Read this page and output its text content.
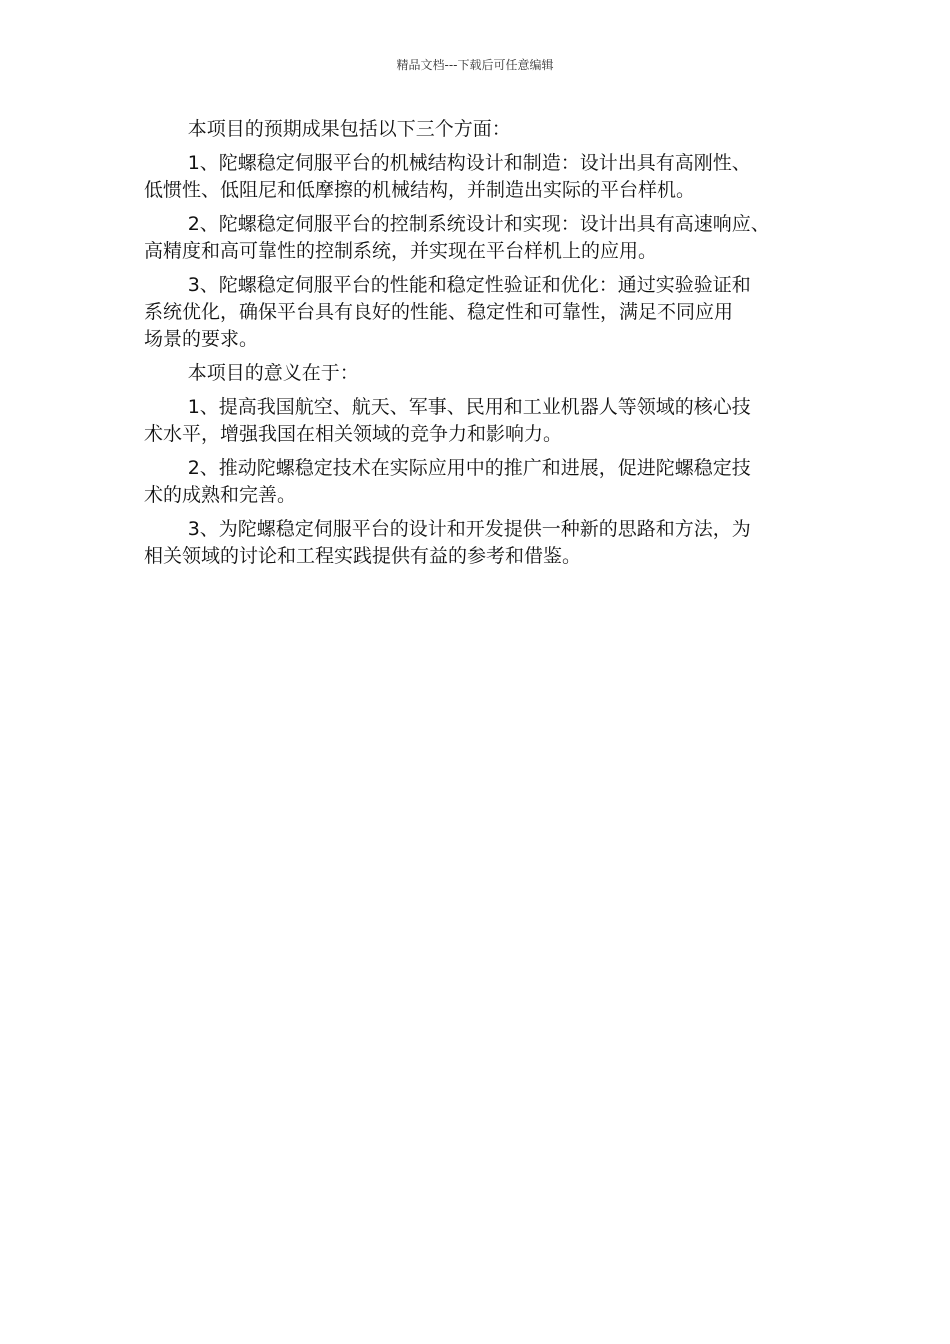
精品文档---下载后可任意编辑

本项目的预期成果包括以下三个方面：

1、陀螺稳定伺服平台的机械结构设计和制造：设计出具有高刚性、
低惯性、低阻尼和低摩擦的机械结构，并制造出实际的平台样机。

2、陀螺稳定伺服平台的控制系统设计和实现：设计出具有高速响应、
高精度和高可靠性的控制系统，并实现在平台样机上的应用。

3、陀螺稳定伺服平台的性能和稳定性验证和优化：通过实验验证和
系统优化，确保平台具有良好的性能、稳定性和可靠性，满足不同应用
场景的要求。

本项目的意义在于：

1、提高我国航空、航天、军事、民用和工业机器人等领域的核心技
术水平，增强我国在相关领域的竞争力和影响力。

2、推动陀螺稳定技术在实际应用中的推广和进展，促进陀螺稳定技
术的成熟和完善。

3、为陀螺稳定伺服平台的设计和开发提供一种新的思路和方法，为
相关领域的讨论和工程实践提供有益的参考和借鉴。
